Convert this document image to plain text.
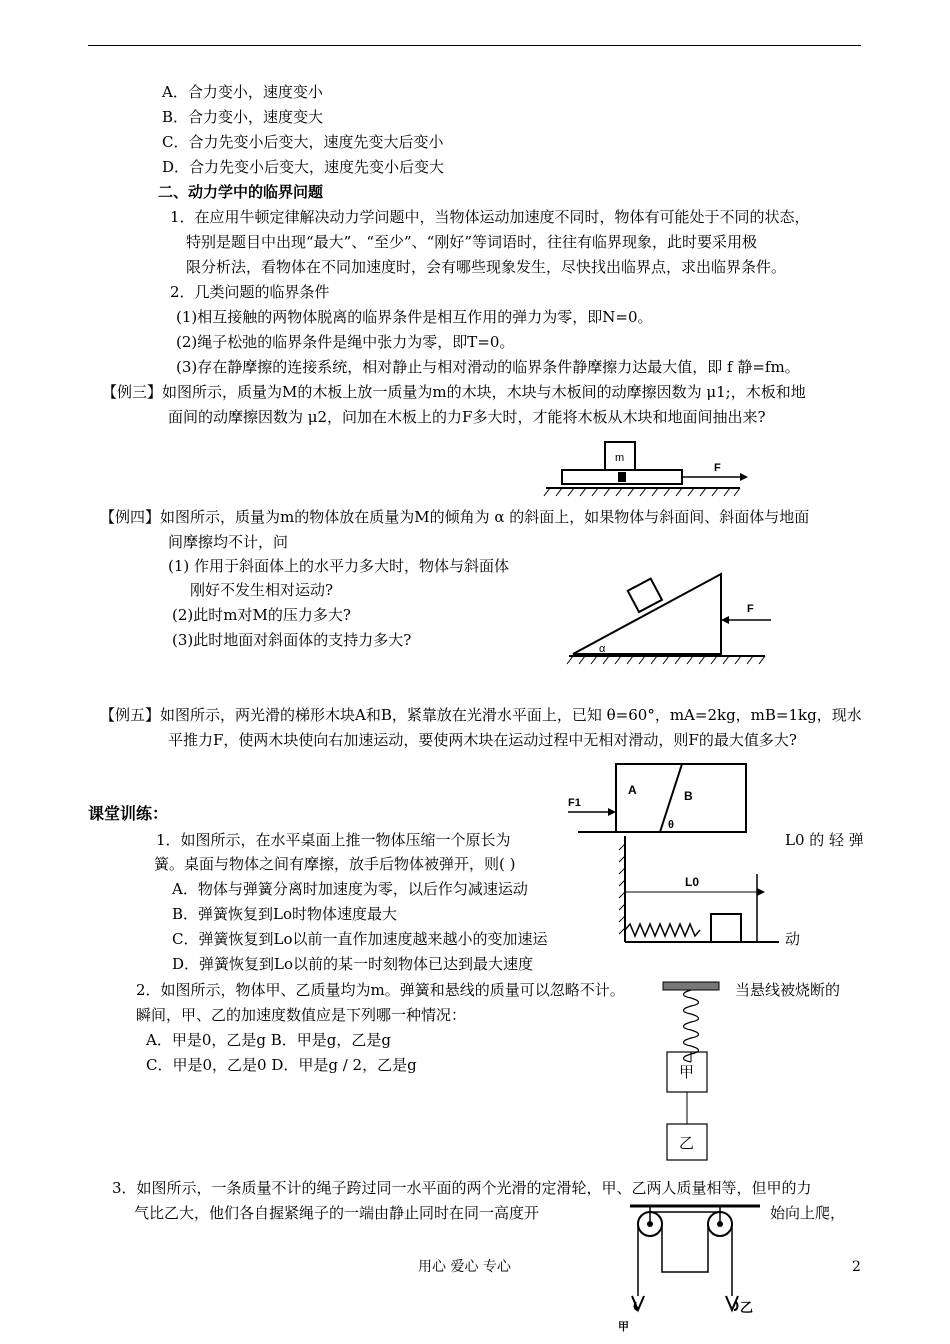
A．合力变小，速度变小
B．合力变小，速度变大
C．合力先变小后变大，速度先变大后变小
D．合力先变小后变大，速度先变小后变大
二、动力学中的临界问题
1．在应用牛顿定律解决动力学问题中，当物体运动加速度不同时，物体有可能处于不同的状态，
特别是题目中出现“最大”、“至少”、“刚好”等词语时，往往有临界现象，此时要采用极
限分析法，看物体在不同加速度时，会有哪些现象发生，尽快找出临界点，求出临界条件。
2．几类问题的临界条件
(1)相互接触的两物体脱离的临界条件是相互作用的弹力为零，即N=0。
(2)绳子松弛的临界条件是绳中张力为零，即T=0。
(3)存在静摩擦的连接系统，相对静止与相对滑动的临界条件静摩擦力达最大值，即 f 静=fm。
【例三】如图所示，质量为M的木板上放一质量为m的木块，木块与木板间的动摩擦因数为 μ1;，木板和地
面间的动摩擦因数为 μ2，问加在木板上的力F多大时，才能将木板从木块和地面间抽出来?
m
F
【例四】如图所示，质量为m的物体放在质量为M的倾角为 α 的斜面上，如果物体与斜面间、斜面体与地面
间摩擦均不计，问
(1) 作用于斜面体上的水平力多大时，物体与斜面体
刚好不发生相对运动?
(2)此时m对M的压力多大?
(3)此时地面对斜面体的支持力多大?	α
F
【例五】如图所示，两光滑的梯形木块A和B，紧靠放在光滑水平面上，已知 θ=60°，mA=2kg，mB=1kg，现水
平推力F，使两木块使向右加速运动，要使两木块在运动过程中无相对滑动，则F的最大值多大?
A	B
θ
F1
课堂训练：
1．如图所示，在水平桌面上推一物体压缩一个原长为	L0 的 轻 弹
簧。桌面与物体之间有摩擦，放手后物体被弹开，则( )
A．物体与弹簧分离时加速度为零，以后作匀减速运动
B．弹簧恢复到Lo时物体速度最大
C．弹簧恢复到Lo以前一直作加速度越来越小的变加速运	动
D．弹簧恢复到Lo以前的某一时刻物体已达到最大速度
L0
2．如图所示，物体甲、乙质量均为m。弹簧和悬线的质量可以忽略不计。	当悬线被烧断的
瞬间，甲、乙的加速度数值应是下列哪一种情况：
A．甲是0，乙是g B．甲是g，乙是g
C．甲是0，乙是0 D．甲是g / 2，乙是g	甲
乙
3．如图所示，一条质量不计的绳子跨过同一水平面的两个光滑的定滑轮，甲、乙两人质量相等，但甲的力
气比乙大，他们各自握紧绳子的一端由静止同时在同一高度开	始向上爬，
甲
乙
用心 爱心 专心	2
